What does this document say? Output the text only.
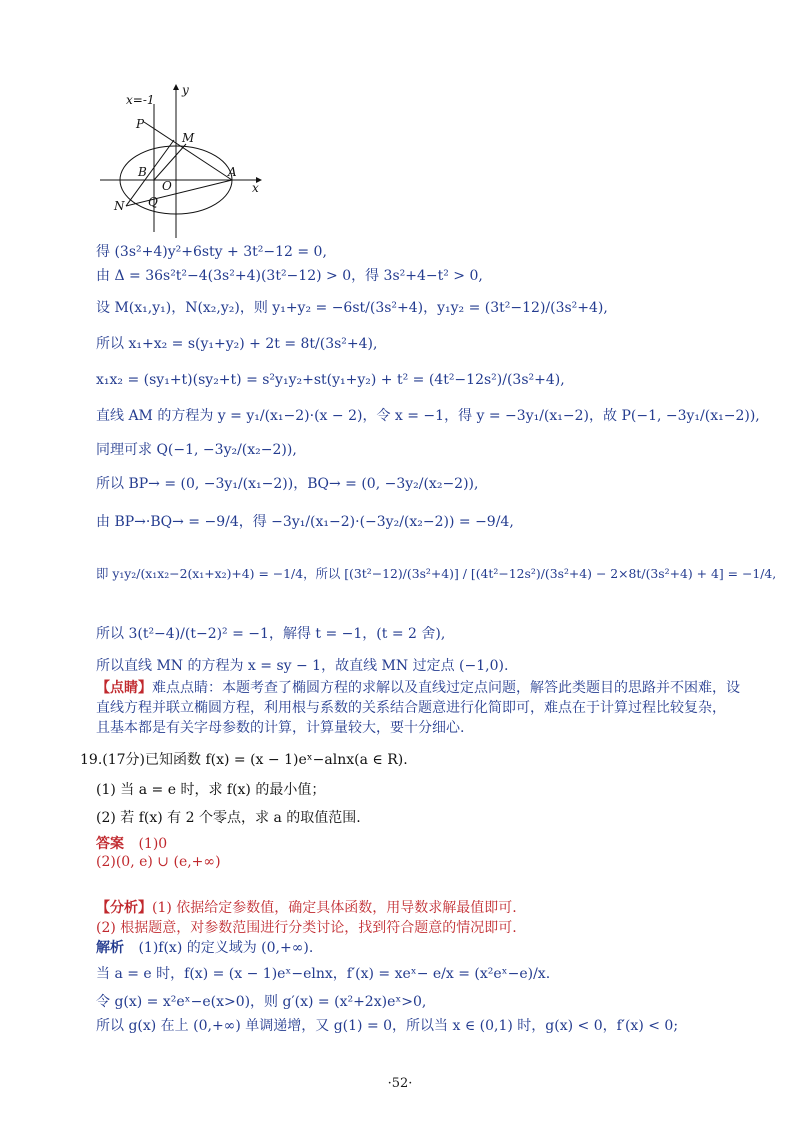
x=-1
y
x
P
M
B
O
A
N Q
得 (3s²+4)y²+6sty + 3t²−12 = 0,
由 Δ = 36s²t²−4(3s²+4)(3t²−12) > 0，得 3s²+4−t² > 0,
设 M(x₁,y₁)，N(x₂,y₂)，则 y₁+y₂ = −6st/(3s²+4)，y₁y₂ = (3t²−12)/(3s²+4),
所以 x₁+x₂ = s(y₁+y₂) + 2t = 8t/(3s²+4),
x₁x₂ = (sy₁+t)(sy₂+t) = s²y₁y₂+st(y₁+y₂) + t² = (4t²−12s²)/(3s²+4),
直线 AM 的方程为 y = y₁/(x₁−2)·(x − 2)，令 x = −1，得 y = −3y₁/(x₁−2)，故 P(−1, −3y₁/(x₁−2)),
同理可求 Q(−1, −3y₂/(x₂−2)),
所以 BP→ = (0, −3y₁/(x₁−2))，BQ→ = (0, −3y₂/(x₂−2)),
由 BP→·BQ→ = −9/4，得 −3y₁/(x₁−2)·(−3y₂/(x₂−2)) = −9/4,
即 y₁y₂/(x₁x₂−2(x₁+x₂)+4) = −1/4，所以 [(3t²−12)/(3s²+4)] / [(4t²−12s²)/(3s²+4) − 2×8t/(3s²+4) + 4] = −1/4,
所以 3(t²−4)/(t−2)² = −1，解得 t = −1，(t = 2 舍),
所以直线 MN 的方程为 x = sy − 1，故直线 MN 过定点 (−1,0).
【点睛】难点点睛：本题考查了椭圆方程的求解以及直线过定点问题，解答此类题目的思路并不困难，设
直线方程并联立椭圆方程，利用根与系数的关系结合题意进行化简即可，难点在于计算过程比较复杂，
且基本都是有关字母参数的计算，计算量较大，要十分细心.
19.(17分)已知函数 f(x) = (x − 1)eˣ−alnx(a ∈ R).
(1) 当 a = e 时，求 f(x) 的最小值；
(2) 若 f(x) 有 2 个零点，求 a 的取值范围.
答案 (1)0
(2)(0, e) ∪ (e,+∞)
【分析】(1) 依据给定参数值，确定具体函数，用导数求解最值即可.
(2) 根据题意，对参数范围进行分类讨论，找到符合题意的情况即可.
解析 (1)f(x) 的定义域为 (0,+∞).
当 a = e 时，f(x) = (x − 1)eˣ−elnx，f′(x) = xeˣ− e/x = (x²eˣ−e)/x.
令 g(x) = x²eˣ−e(x>0)，则 g′(x) = (x²+2x)eˣ>0,
所以 g(x) 在上 (0,+∞) 单调递增，又 g(1) = 0，所以当 x ∈ (0,1) 时，g(x) < 0，f′(x) < 0;
·52·
